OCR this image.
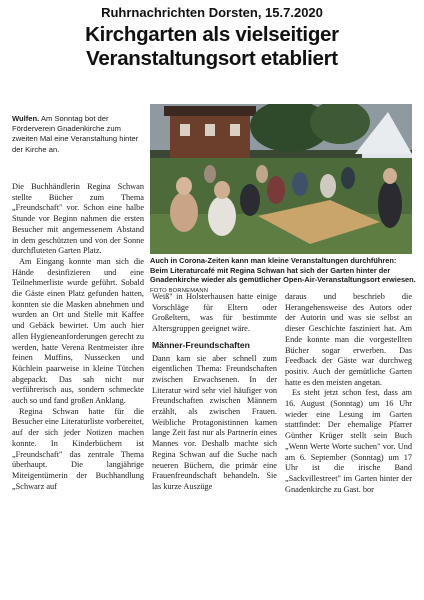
Ruhrnachrichten Dorsten, 15.7.2020
Kirchgarten als vielseitiger
Veranstaltungsort etabliert
Wulfen. Am Sonntag bot der Förderverein Gnadenkirche zum zweiten Mal eine Veranstaltung hinter der Kirche an.
Auch in Corona-Zeiten kann man kleine Veranstaltungen durchführen: Beim Literaturcafé mit Regina Schwan hat sich der Garten hinter der Gnadenkirche wieder als gemütlicher Open-Air-Veranstaltungsort erwiesen. FOTO BORNEMANN

Die Buchhändlerin Regina Schwan stellte Bücher zum Thema „Freundschaft" vor. Schon eine halbe Stunde vor Beginn nahmen die ersten Besucher mit angemessenem Abstand in dem geschützten und von der Sonne durchfluteten Garten Platz.

Am Eingang konnte man sich die Hände desinfizieren und eine Teilnehmerliste wurde geführt. Sobald die Gäste einen Platz gefunden hatten, konnten sie die Masken abnehmen und wurden an Ort und Stelle mit Kaffee und Gebäck bewirtet. Um auch hier allen Hygieneanforderungen gerecht zu werden, hatte Verena Rentmeister ihre feinen Muffins, Nussecken und Küchlein paarweise in kleine Tütchen abgepackt. Das sah nicht nur verführerisch aus, sondern schmeckte auch so und fand großen Anklang.

Regina Schwan hatte für die Besucher eine Literaturliste vorbereitet, auf der sich jeder Notizen machen konnte. In Kinderbüchern ist „Freundschaft" das zentrale Thema überhaupt. Die langjährige Miteigentümerin der Buchhandlung „Schwarz auf

Weiß" in Holsterhausen hatte einige Vorschläge für Eltern oder Großeltern, was für bestimmte Altersgruppen geeignet wäre.

Männer-Freundschaften

Dann kam sie aber schnell zum eigentlichen Thema: Freundschaften zwischen Erwachsenen. In der Literatur wird sehr viel häufiger von Freundschaften zwischen Männern erzählt, als zwischen Frauen. Weibliche Protagonistinnen kamen lange Zeit fast nur als Partnerin eines Mannes vor. Deshalb machte sich Regina Schwan auf die Suche nach neueren Büchern, die primär eine Frauenfreundschaft behandeln. Sie las kurze Auszüge

daraus und beschrieb die Herangehensweise des Autors oder der Autorin und was sie selbst an dieser Geschichte fasziniert hat. Am Ende konnte man die vorgestellten Bücher sogar erwerben. Das Feedback der Gäste war durchweg positiv. Auch der gemütliche Garten hatte es den meisten angetan.

Es steht jetzt schon fest, dass am 16. August (Sonntag) um 16 Uhr wieder eine Lesung im Garten stattfindet: Der ehemalige Pfarrer Günther Krüger stellt sein Buch „Wenn Werte Worte suchen" vor. Und am 6. September (Sonntag) um 17 Uhr ist die irische Band „Sackvillestreet" im Garten hinter der Gnadenkirche zu Gast. bor
